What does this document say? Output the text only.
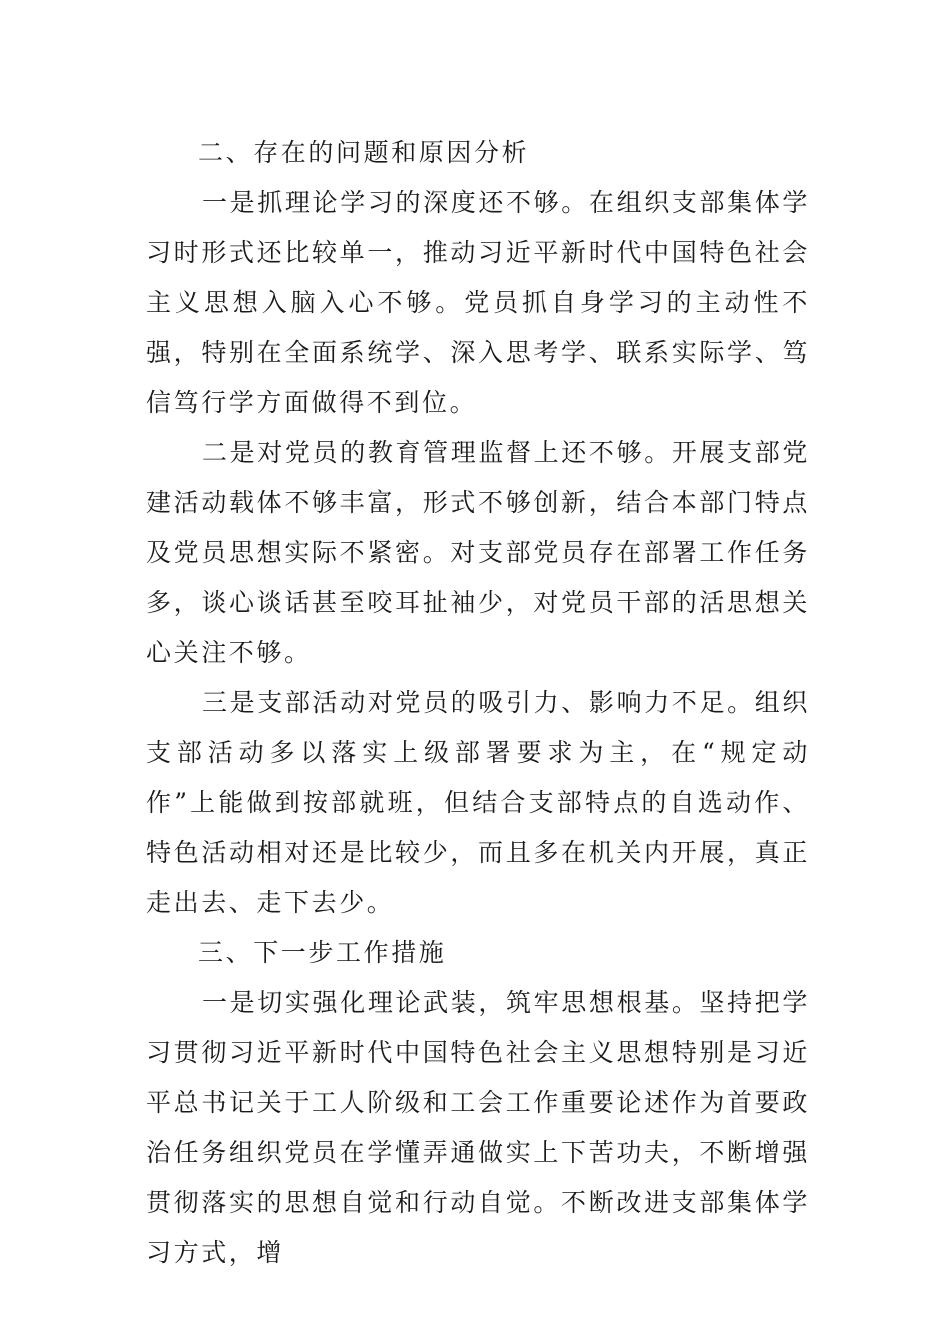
二、存在的问题和原因分析

一是抓理论学习的深度还不够。在组织支部集体学习时形式还比较单一，推动习近平新时代中国特色社会主义思想入脑入心不够。党员抓自身学习的主动性不强，特别在全面系统学、深入思考学、联系实际学、笃信笃行学方面做得不到位。

二是对党员的教育管理监督上还不够。开展支部党建活动载体不够丰富，形式不够创新，结合本部门特点及党员思想实际不紧密。对支部党员存在部署工作任务多，谈心谈话甚至咬耳扯袖少，对党员干部的活思想关心关注不够。

三是支部活动对党员的吸引力、影响力不足。组织支部活动多以落实上级部署要求为主，在“规定动作”上能做到按部就班，但结合支部特点的自选动作、特色活动相对还是比较少，而且多在机关内开展，真正走出去、走下去少。

三、下一步工作措施

一是切实强化理论武装，筑牢思想根基。坚持把学习贯彻习近平新时代中国特色社会主义思想特别是习近平总书记关于工人阶级和工会工作重要论述作为首要政治任务组织党员在学懂弄通做实上下苦功夫，不断增强贯彻落实的思想自觉和行动自觉。不断改进支部集体学习方式，增
